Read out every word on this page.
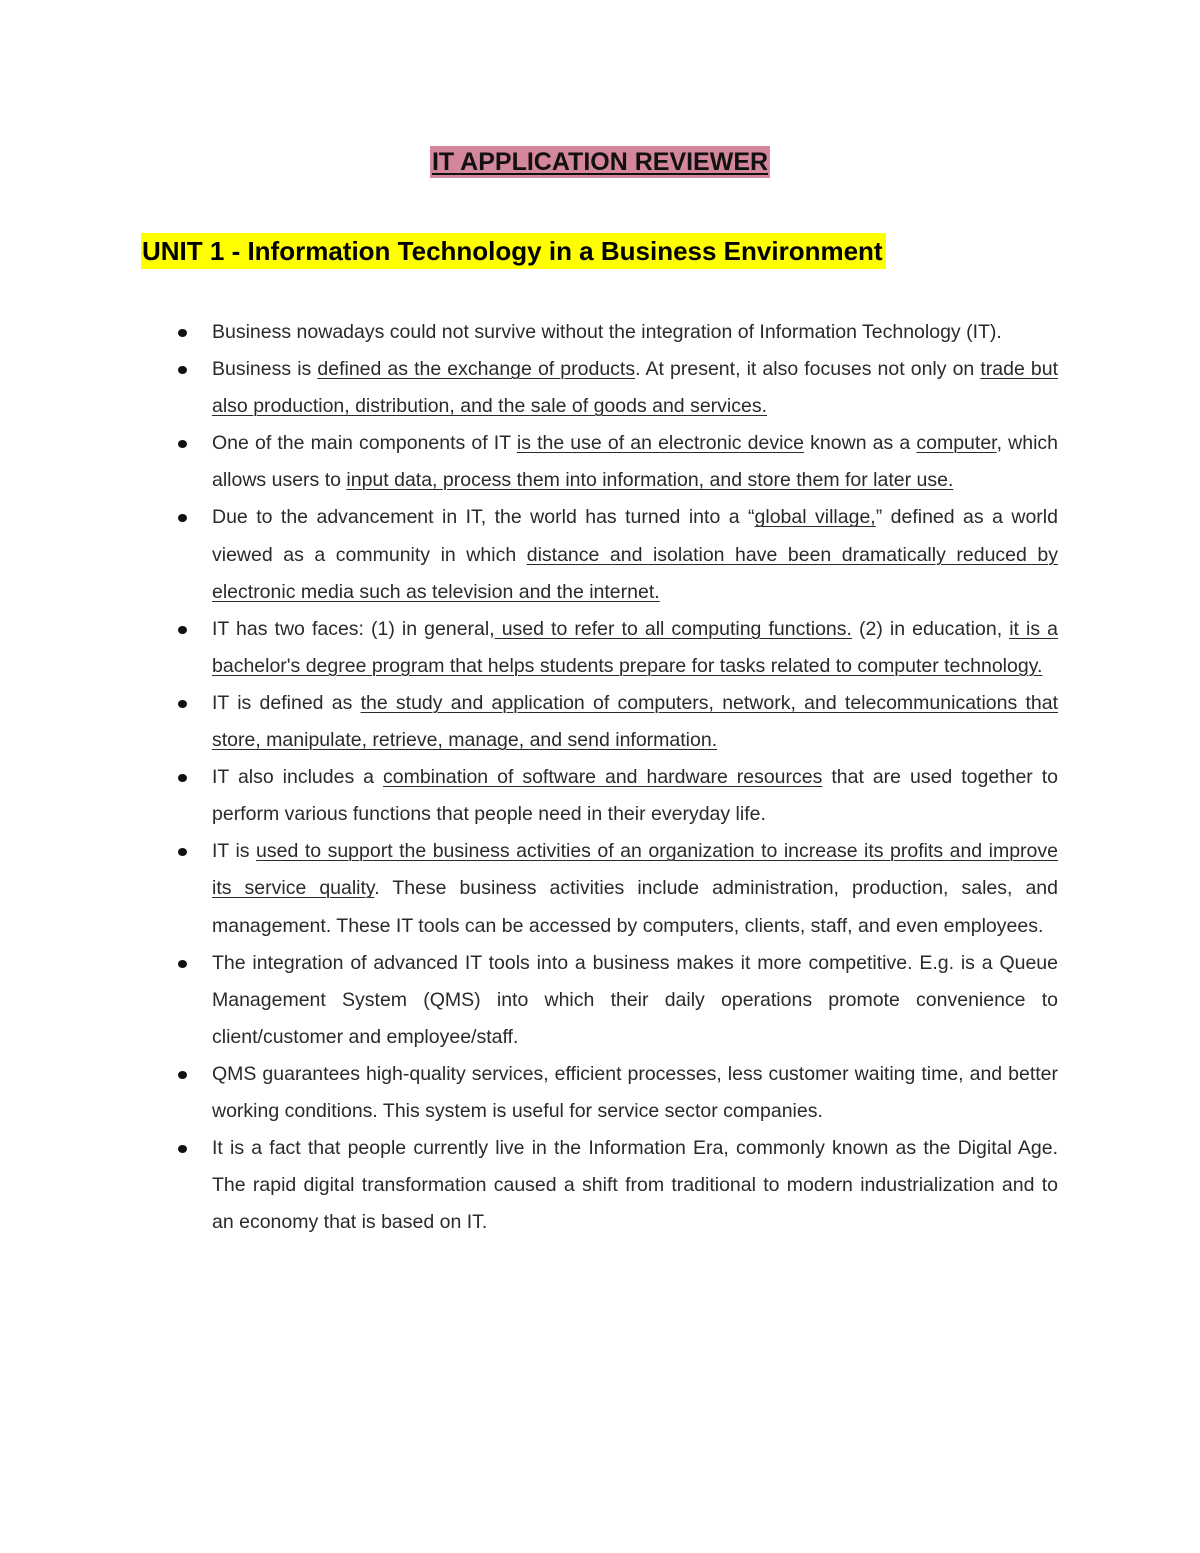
IT APPLICATION REVIEWER
UNIT 1 - Information Technology in a Business Environment
Business nowadays could not survive without the integration of Information Technology (IT).
Business is defined as the exchange of products. At present, it also focuses not only on trade but also production, distribution, and the sale of goods and services.
One of the main components of IT is the use of an electronic device known as a computer, which allows users to input data, process them into information, and store them for later use.
Due to the advancement in IT, the world has turned into a “global village,” defined as a world viewed as a community in which distance and isolation have been dramatically reduced by electronic media such as television and the internet.
IT has two faces: (1) in general, used to refer to all computing functions. (2) in education, it is a bachelor's degree program that helps students prepare for tasks related to computer technology.
IT is defined as the study and application of computers, network, and telecommunications that store, manipulate, retrieve, manage, and send information.
IT also includes a combination of software and hardware resources that are used together to perform various functions that people need in their everyday life.
IT is used to support the business activities of an organization to increase its profits and improve its service quality. These business activities include administration, production, sales, and management. These IT tools can be accessed by computers, clients, staff, and even employees.
The integration of advanced IT tools into a business makes it more competitive. E.g. is a Queue Management System (QMS) into which their daily operations promote convenience to client/customer and employee/staff.
QMS guarantees high-quality services, efficient processes, less customer waiting time, and better working conditions. This system is useful for service sector companies.
It is a fact that people currently live in the Information Era, commonly known as the Digital Age. The rapid digital transformation caused a shift from traditional to modern industrialization and to an economy that is based on IT.
